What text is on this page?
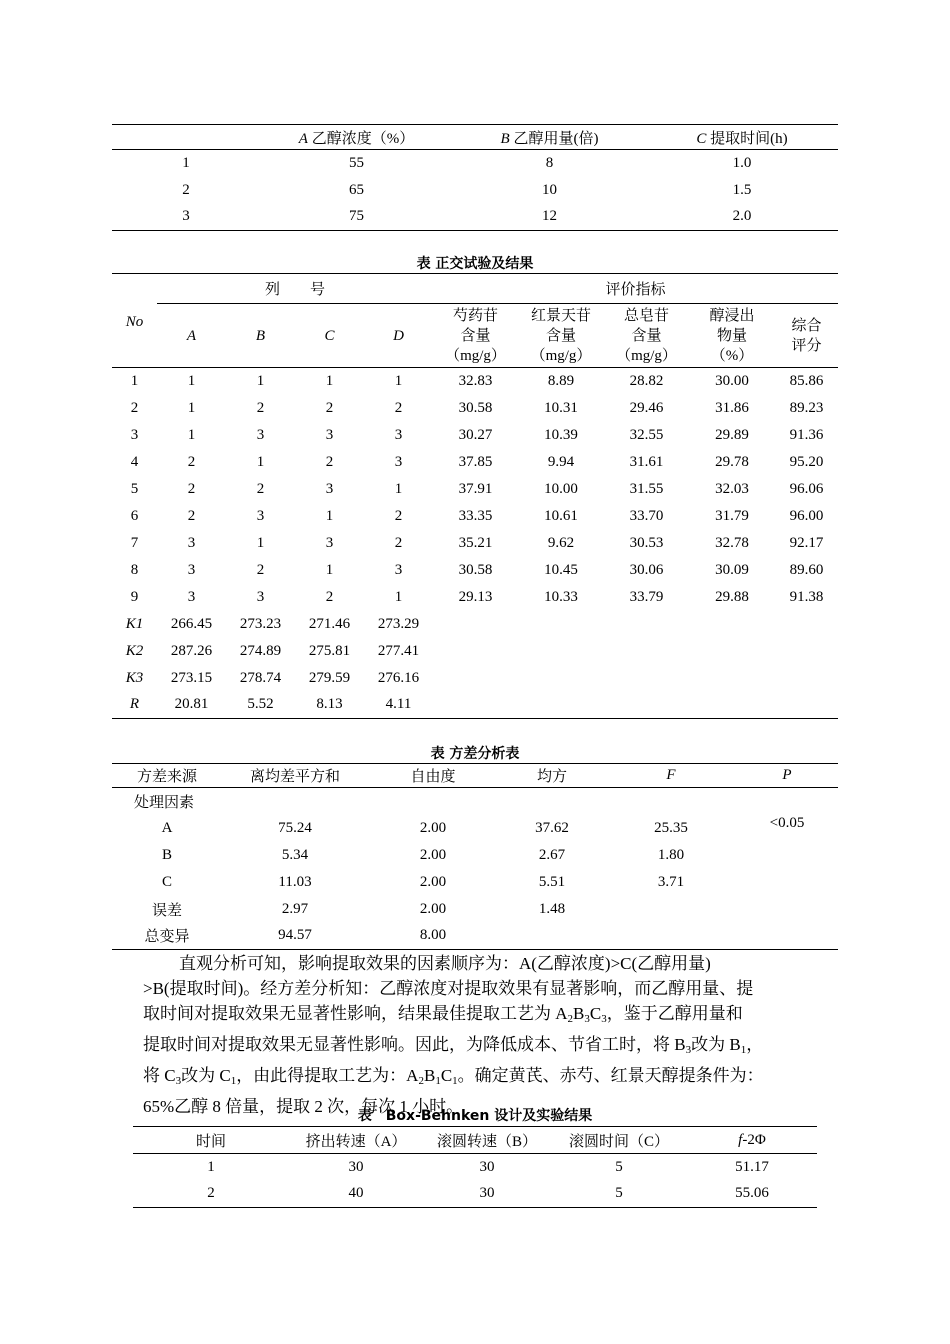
	A 乙醇浓度（%）	B 乙醇用量(倍)	C 提取时间(h)
1	55	8	1.0
2	65	10	1.5
3	75	12	2.0
表 正交试验及结果
No	列　　号				评价指标				
	A	B	C	D	芍药苷
含量
（mg/g）	红景天苷
含量
（mg/g）	总皂苷
含量
（mg/g）	醇浸出
物量
（%）	综合
评分
1	1	1	1	1	32.83	8.89	28.82	30.00	85.86
2	1	2	2	2	30.58	10.31	29.46	31.86	89.23
3	1	3	3	3	30.27	10.39	32.55	29.89	91.36
4	2	1	2	3	37.85	9.94	31.61	29.78	95.20
5	2	2	3	1	37.91	10.00	31.55	32.03	96.06
6	2	3	1	2	33.35	10.61	33.70	31.79	96.00
7	3	1	3	2	35.21	9.62	30.53	32.78	92.17
8	3	2	1	3	30.58	10.45	30.06	30.09	89.60
9	3	3	2	1	29.13	10.33	33.79	29.88	91.38
K1	266.45	273.23	271.46	273.29					
K2	287.26	274.89	275.81	277.41					
K3	273.15	278.74	279.59	276.16					
R	20.81	5.52	8.13	4.11					
表 方差分析表
方差来源	离均差平方和	自由度	均方	F	P
处理因素					
A	75.24	2.00	37.62	25.35	<0.05
B	5.34	2.00	2.67	1.80	
C	11.03	2.00	5.51	3.71	
误差	2.97	2.00	1.48		
总变异	94.57	8.00			

直观分析可知，影响提取效果的因素顺序为：A(乙醇浓度)>C(乙醇用量)

>B(提取时间)。经方差分析知：乙醇浓度对提取效果有显著影响，而乙醇用量、提

取时间对提取效果无显著性影响，结果最佳提取工艺为 $A_2B_3C_3$，鉴于乙醇用量和

提取时间对提取效果无显著性影响。因此，为降低成本、节省工时，将 $B_3$改为 $B_1$，

将 $C_3$改为 $C_1$，由此得提取工艺为：$A_2B_1C_1$。确定黄芪、赤芍、红景天醇提条件为：

65%乙醇 8 倍量，提取 2 次，每次 1 小时。

表　Box-Behnken 设计及实验结果
时间	挤出转速（A）	滚圆转速（B）	滚圆时间（C）	f-2Φ
1	30	30	5	51.17
2	40	30	5	55.06
